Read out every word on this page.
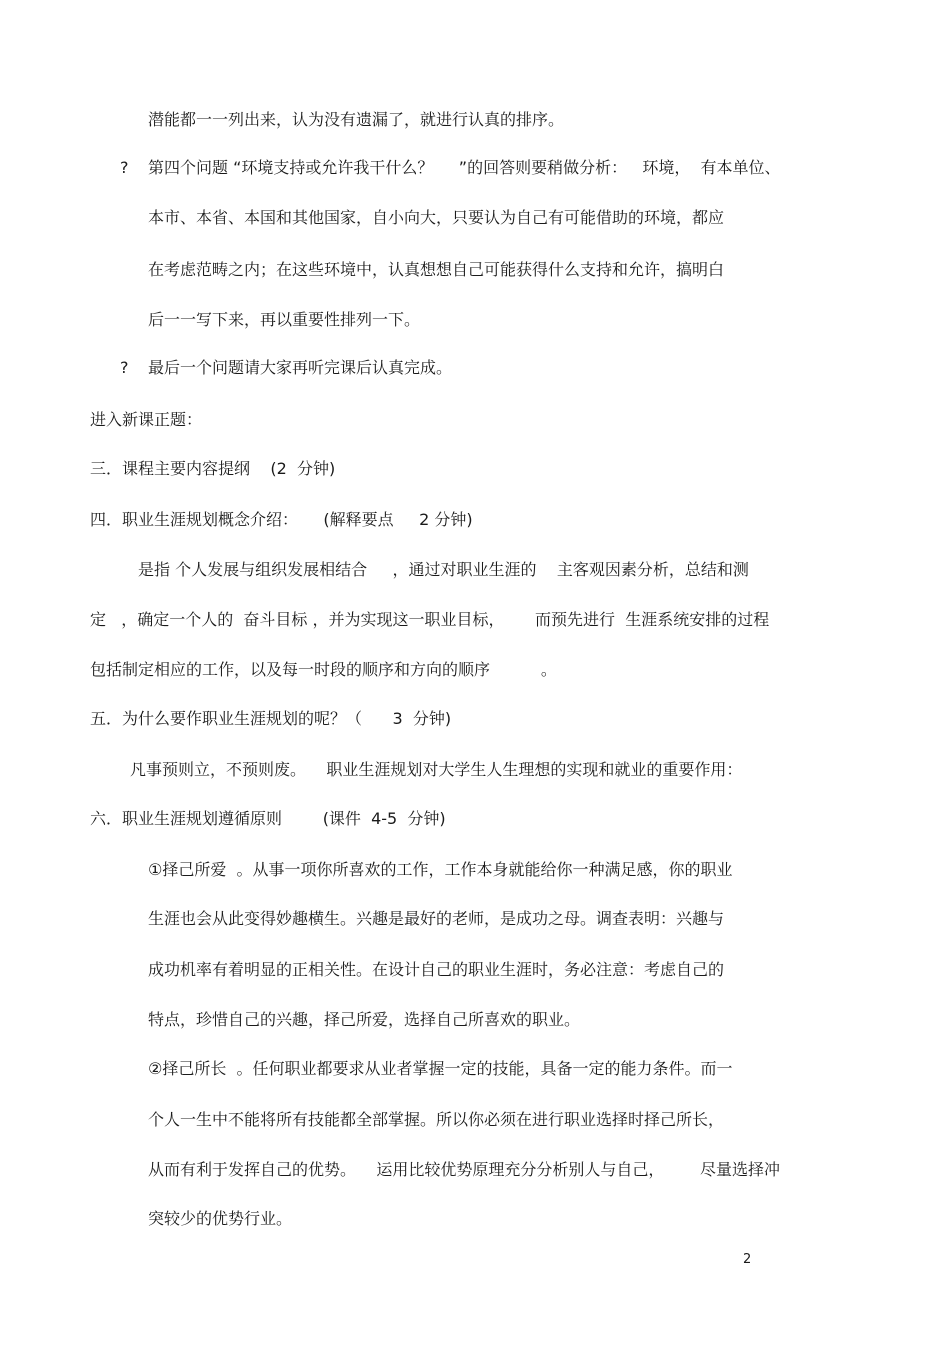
潜能都一一列出来，认为没有遗漏了，就进行认真的排序。
? 第四个问题 “环境支持或允许我干什么？     ”的回答则要稍做分析：   环境，  有本单位、
本市、本省、本国和其他国家，自小向大，只要认为自己有可能借助的环境，都应
在考虑范畴之内；在这些环境中，认真想想自己可能获得什么支持和允许，搞明白
后一一写下来，再以重要性排列一下。
? 最后一个问题请大家再听完课后认真完成。
进入新课正题：
三．课程主要内容提纲    (2  分钟)
四．职业生涯规划概念介绍：     (解释要点     2 分钟)
是指 个人发展与组织发展相结合     ，通过对职业生涯的    主客观因素分析，总结和测
定   ，确定一个人的  奋斗目标 ，并为实现这一职业目标，      而预先进行  生涯系统安排的过程
包括制定相应的工作，以及每一时段的顺序和方向的顺序          。
五．为什么要作职业生涯规划的呢？（      3  分钟)
凡事预则立，不预则废。    职业生涯规划对大学生人生理想的实现和就业的重要作用：
六．职业生涯规划遵循原则        (课件  4-5  分钟)
①择己所爱  。从事一项你所喜欢的工作，工作本身就能给你一种满足感，你的职业
生涯也会从此变得妙趣横生。兴趣是最好的老师，是成功之母。调查表明：兴趣与
成功机率有着明显的正相关性。在设计自己的职业生涯时，务必注意：考虑自己的
特点，珍惜自己的兴趣，择己所爱，选择自己所喜欢的职业。
②择己所长  。任何职业都要求从业者掌握一定的技能，具备一定的能力条件。而一
个人一生中不能将所有技能都全部掌握。所以你必须在进行职业选择时择己所长，
从而有利于发挥自己的优势。    运用比较优势原理充分分析别人与自己，       尽量选择冲
突较少的优势行业。
2
